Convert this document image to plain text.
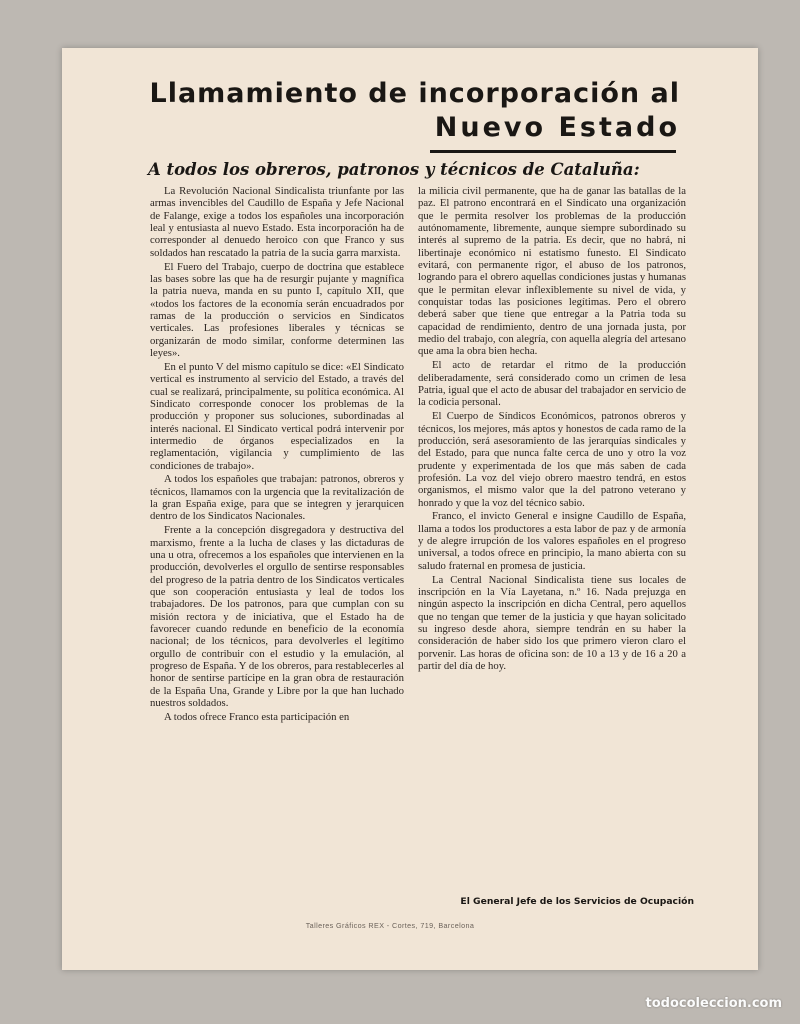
Llamamiento de incorporación al
Nuevo Estado
A todos los obreros, patronos y técnicos de Cataluña:

La Revolución Nacional Sindicalista triunfante por las armas invencibles del Caudillo de España y Jefe Nacional de Falange, exige a todos los españoles una incorporación leal y entusiasta al nuevo Estado. Esta incorporación ha de corresponder al denuedo heroico con que Franco y sus soldados han rescatado la patria de la sucia garra marxista.

El Fuero del Trabajo, cuerpo de doctrina que establece las bases sobre las que ha de resurgir pujante y magnífica la patria nueva, manda en su punto I, capítulo XII, que «todos los factores de la economía serán encuadrados por ramas de la producción o servicios en Sindicatos verticales. Las profesiones liberales y técnicas se organizarán de modo similar, conforme determinen las leyes».

En el punto V del mismo capítulo se dice: «El Sindicato vertical es instrumento al servicio del Estado, a través del cual se realizará, principalmente, su política económica. Al Sindicato corresponde conocer los problemas de la producción y proponer sus soluciones, subordinadas al interés nacional. El Sindicato vertical podrá intervenir por intermedio de órganos especializados en la reglamentación, vigilancia y cumplimiento de las condiciones de trabajo».

A todos los españoles que trabajan: patronos, obreros y técnicos, llamamos con la urgencia que la revitalización de la gran España exige, para que se integren y jerarquicen dentro de los Sindicatos Nacionales.

Frente a la concepción disgregadora y destructiva del marxismo, frente a la lucha de clases y las dictaduras de una u otra, ofrecemos a los españoles que intervienen en la producción, devolverles el orgullo de sentirse responsables del progreso de la patria dentro de los Sindicatos verticales que son cooperación entusiasta y leal de todos los trabajadores. De los patronos, para que cumplan con su misión rectora y de iniciativa, que el Estado ha de favorecer cuando redunde en beneficio de la economía nacional; de los técnicos, para devolverles el legítimo orgullo de contribuir con el estudio y la emulación, al progreso de España. Y de los obreros, para restablecerles al honor de sentirse partícipe en la gran obra de restauración de la España Una, Grande y Libre por la que han luchado nuestros soldados.

A todos ofrece Franco esta participación en

la milicia civil permanente, que ha de ganar las batallas de la paz. El patrono encontrará en el Sindicato una organización que le permita resolver los problemas de la producción autónomamente, libremente, aunque siempre subordinado su interés al supremo de la patria. Es decir, que no habrá, ni libertinaje económico ni estatismo funesto. El Sindicato evitará, con permanente rigor, el abuso de los patronos, logrando para el obrero aquellas condiciones justas y humanas que le permitan elevar inflexiblemente su nivel de vida, y conquistar todas las posiciones legítimas. Pero el obrero deberá saber que tiene que entregar a la Patria toda su capacidad de rendimiento, dentro de una jornada justa, por medio del trabajo, con alegría, con aquella alegría del artesano que ama la obra bien hecha.

El acto de retardar el ritmo de la producción deliberadamente, será considerado como un crimen de lesa Patria, igual que el acto de abusar del trabajador en servicio de la codicia personal.

El Cuerpo de Síndicos Económicos, patronos obreros y técnicos, los mejores, más aptos y honestos de cada ramo de la producción, será asesoramiento de las jerarquías sindicales y del Estado, para que nunca falte cerca de uno y otro la voz prudente y experimentada de los que más saben de cada profesión. La voz del viejo obrero maestro tendrá, en estos organismos, el mismo valor que la del patrono veterano y honrado y que la voz del técnico sabio.

Franco, el invicto General e insigne Caudillo de España, llama a todos los productores a esta labor de paz y de armonía y de alegre irrupción de los valores españoles en el progreso universal, a todos ofrece en principio, la mano abierta con su saludo fraternal en promesa de justicia.

La Central Nacional Sindicalista tiene sus locales de inscripción en la Vía Layetana, n.º 16. Nada prejuzga en ningún aspecto la inscripción en dicha Central, pero aquellos que no tengan que temer de la justicia y que hayan solicitado su ingreso desde ahora, siempre tendrán en su haber la consideración de haber sido los que primero vieron claro el porvenir. Las horas de oficina son: de 10 a 13 y de 16 a 20 a partir del día de hoy.

El General Jefe de los Servicios de Ocupación
Talleres Gráficos REX - Cortes, 719, Barcelona
todocoleccion.com
